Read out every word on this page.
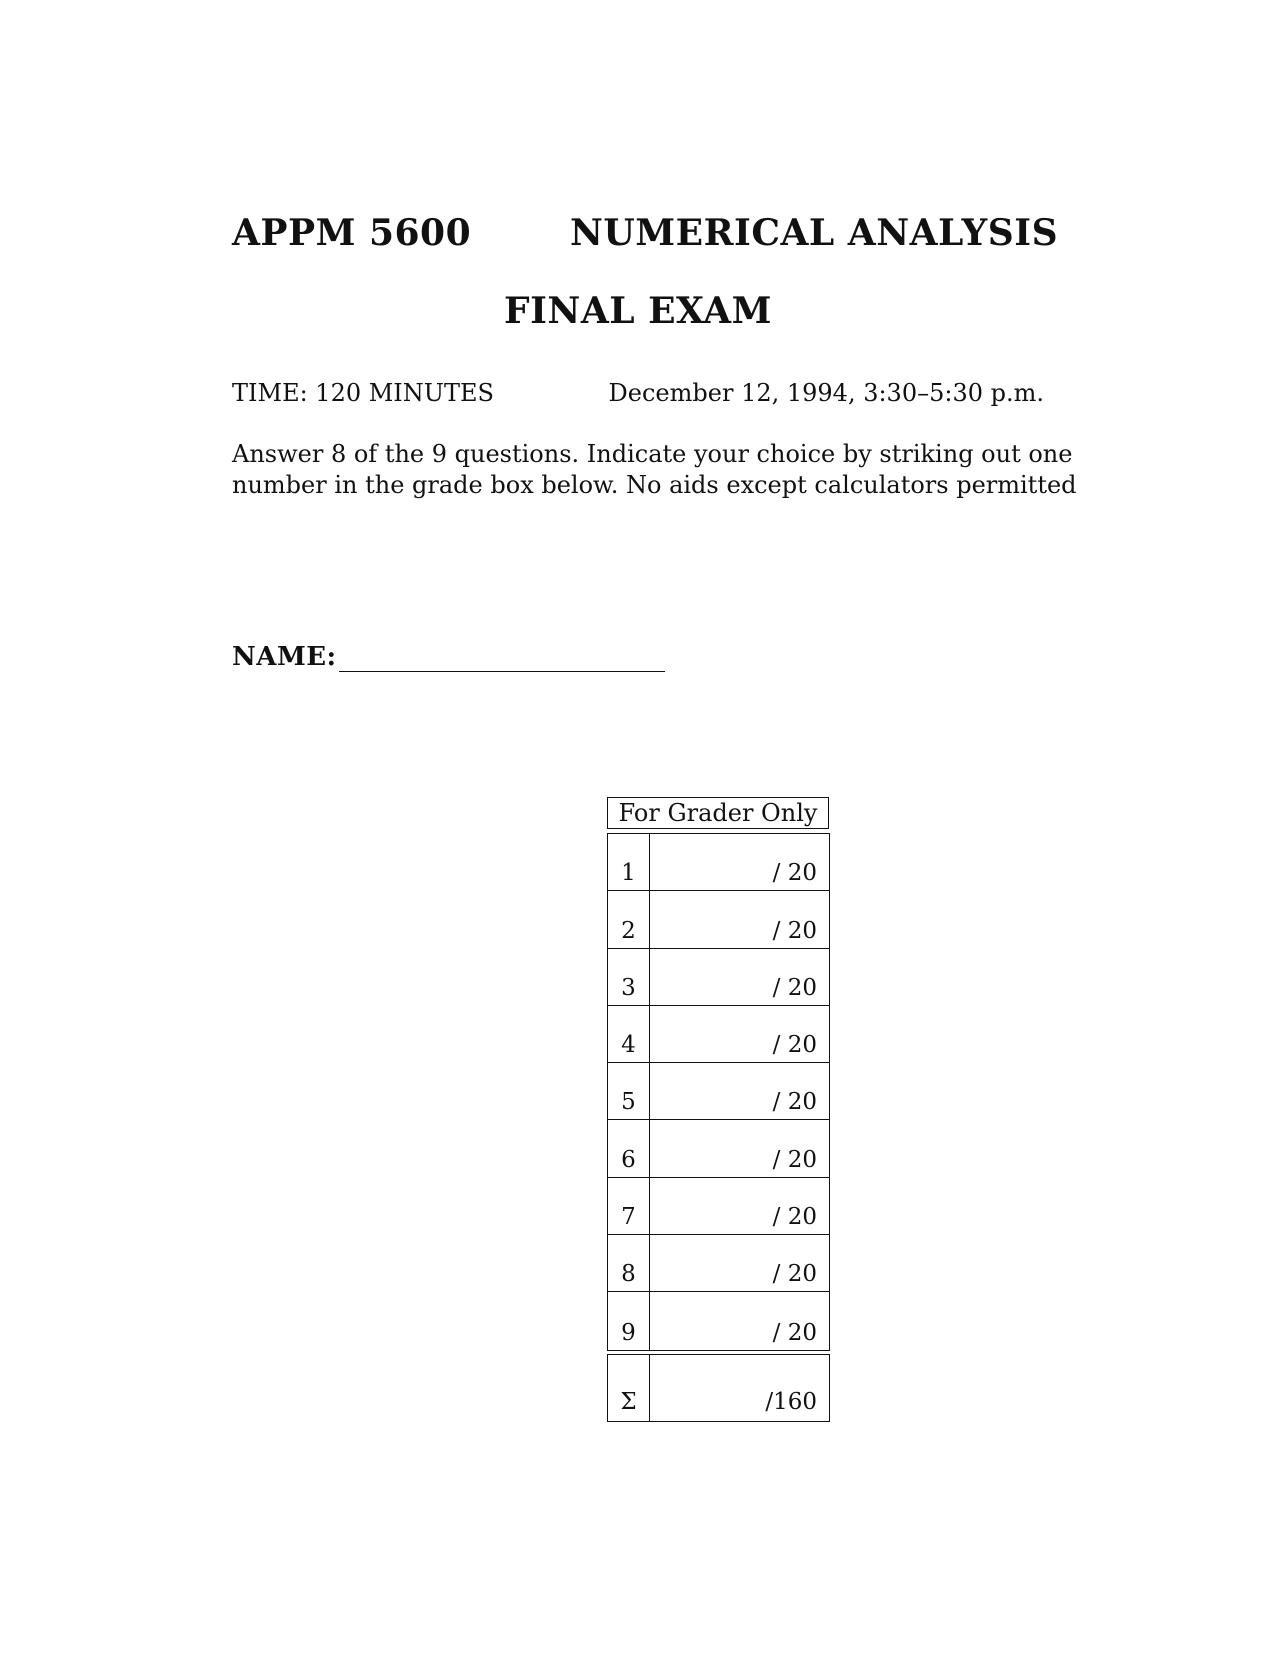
APPM 5600	NUMERICAL ANALYSIS
FINAL EXAM
TIME: 120 MINUTES	December 12, 1994, 3:30–5:30 p.m.
Answer 8 of the 9 questions. Indicate your choice by striking out one
number in the grade box below. No aids except calculators permitted
NAME:
For Grader Only
1	/ 20
2	/ 20
3	/ 20
4	/ 20
5	/ 20
6	/ 20
7	/ 20
8	/ 20
9	/ 20
Σ	/160
